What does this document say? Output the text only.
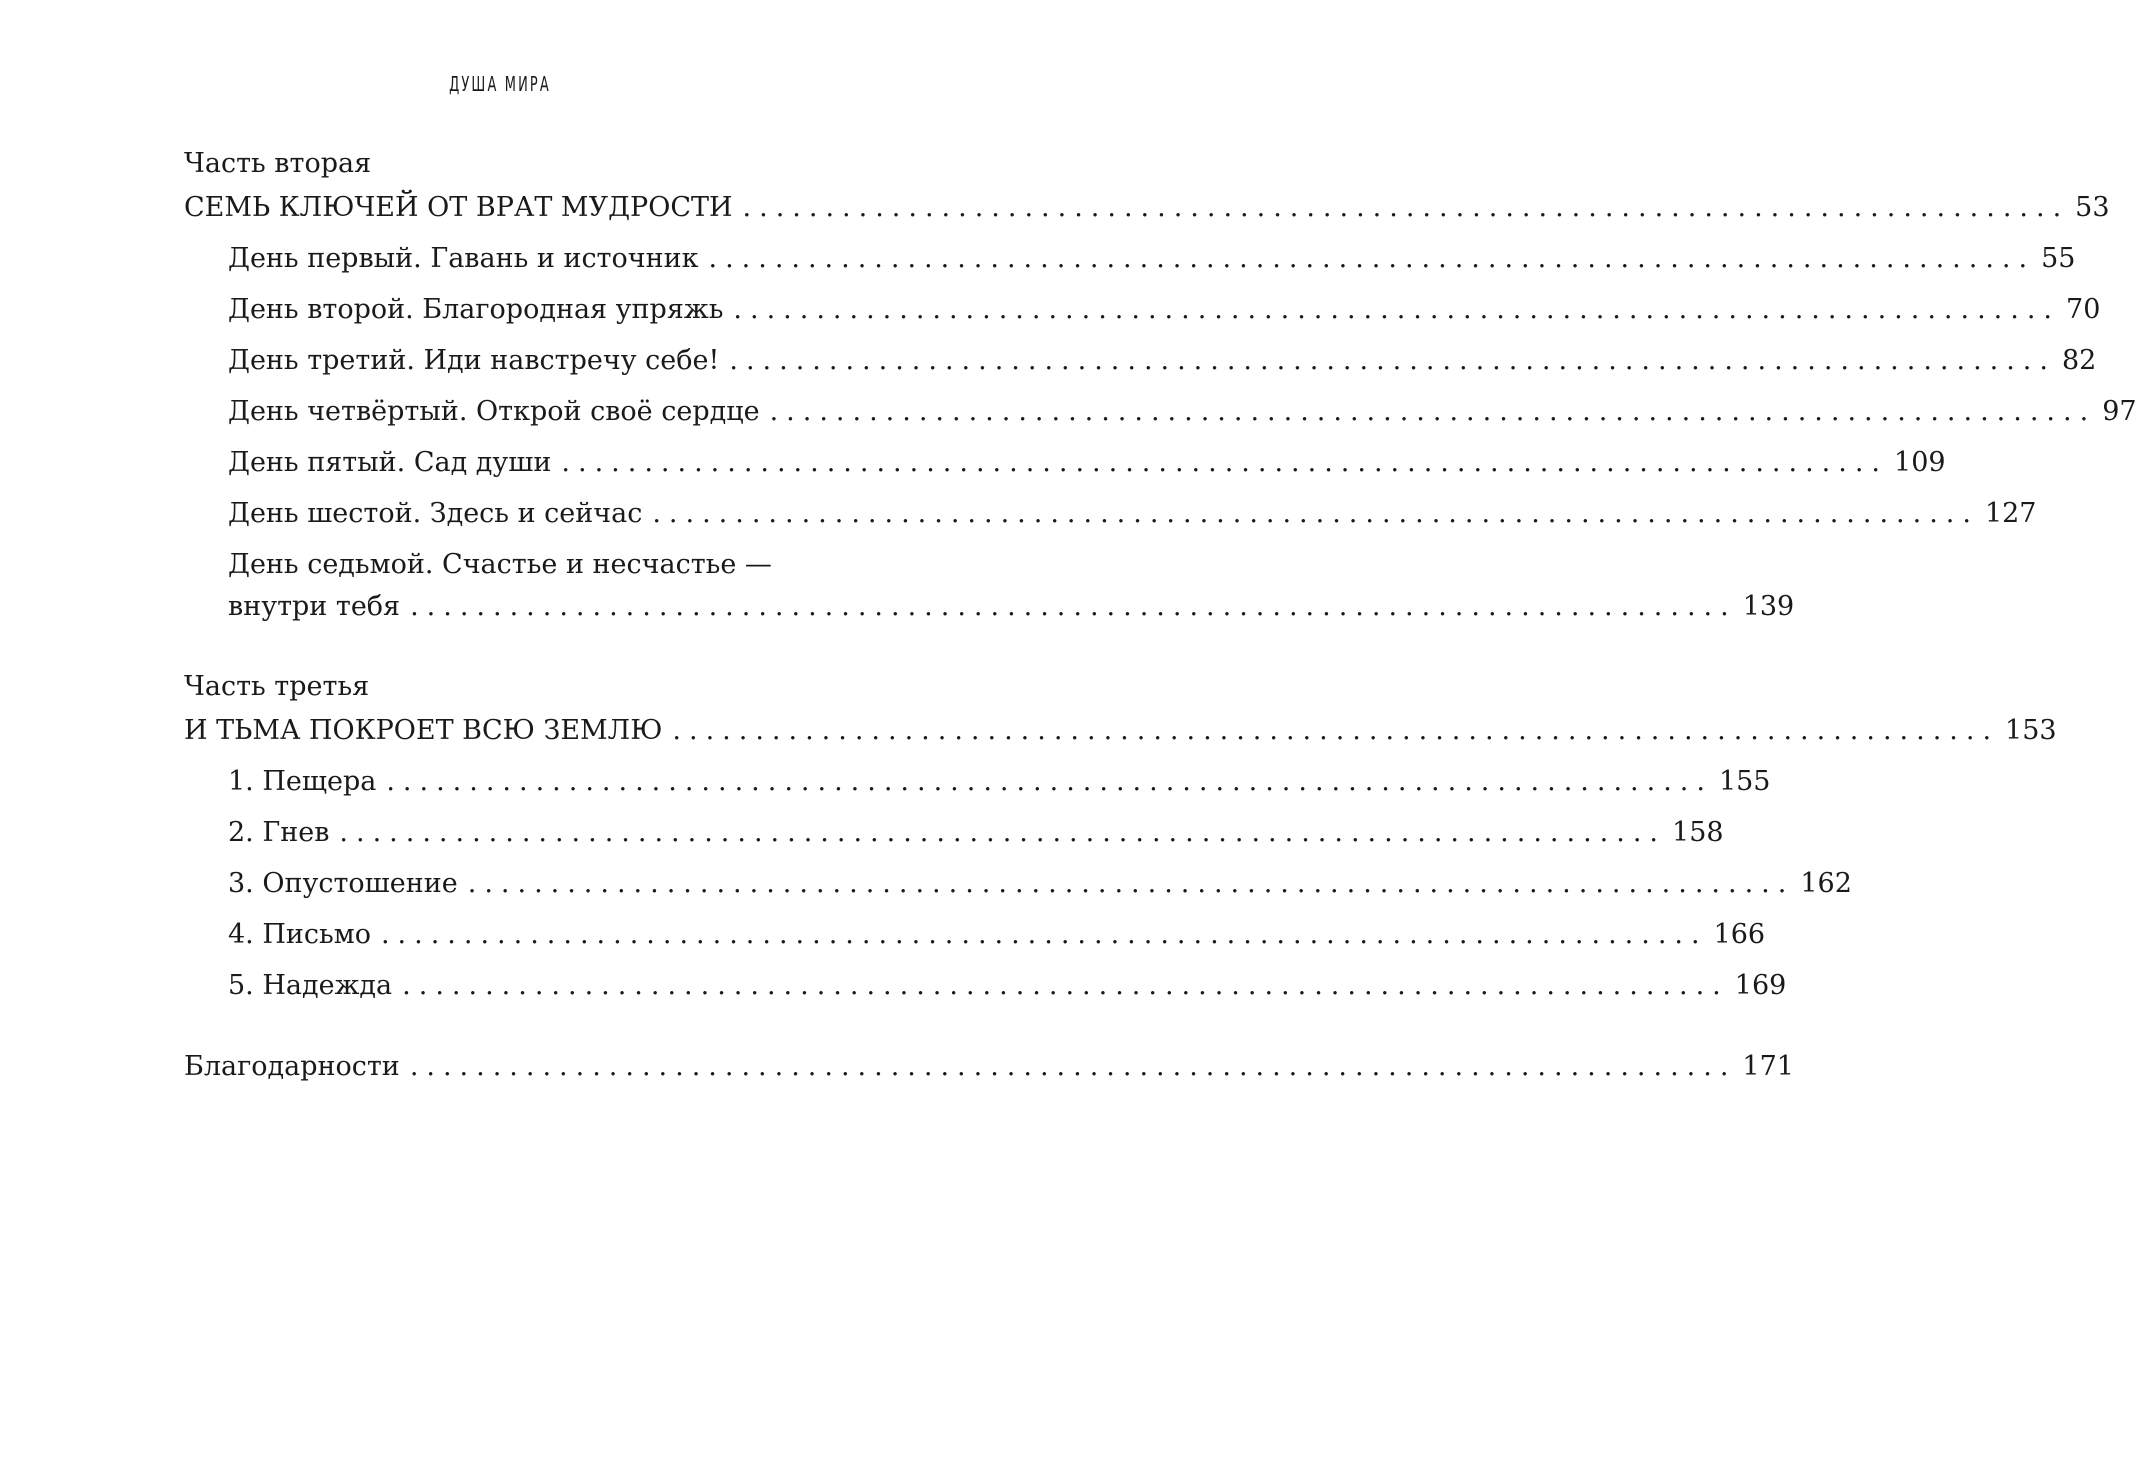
ДУША МИРА
Часть вторая
СЕМЬ КЛЮЧЕЙ ОТ ВРАТ МУДРОСТИ ................................................................................ 53
День первый. Гавань и источник ................................................................................ 55
День второй. Благородная упряжь ................................................................................ 70
День третий. Иди навстречу себе! ................................................................................ 82
День четвёртый. Открой своё сердце ................................................................................ 97
День пятый. Сад души ................................................................................ 109
День шестой. Здесь и сейчас ................................................................................ 127
День седьмой. Счастье и несчастье —
внутри тебя ................................................................................ 139
Часть третья
И ТЬМА ПОКРОЕТ ВСЮ ЗЕМЛЮ ................................................................................ 153
1. Пещера ................................................................................ 155
2. Гнев ................................................................................ 158
3. Опустошение ................................................................................ 162
4. Письмо ................................................................................ 166
5. Надежда ................................................................................ 169
Благодарности ................................................................................ 171
